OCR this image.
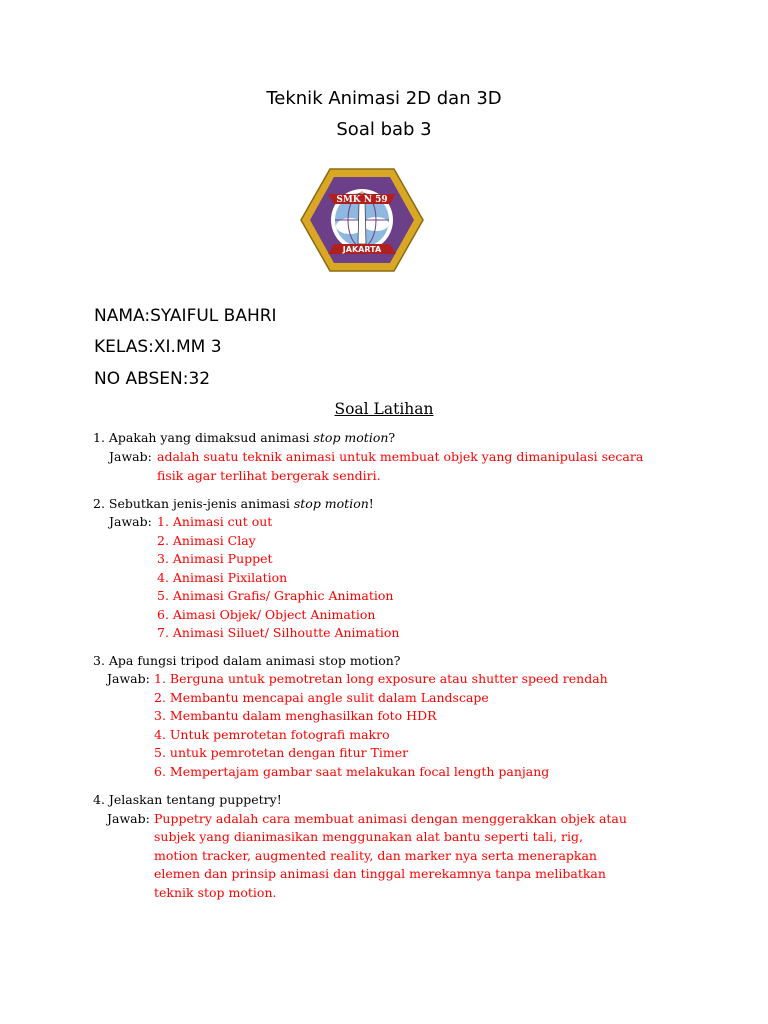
Teknik Animasi 2D dan 3D
Soal bab 3
SMK N 59
JAKARTA
NAMA:SYAIFUL BAHRI
KELAS:XI.MM 3
NO ABSEN:32
Soal Latihan
1. Apakah yang dimaksud animasi stop motion?
Jawab: adalah suatu teknik animasi untuk membuat objek yang dimanipulasi secara
fisik agar terlihat bergerak sendiri.
2. Sebutkan jenis-jenis animasi stop motion!
Jawab: 1. Animasi cut out
2. Animasi Clay
3. Animasi Puppet
4. Animasi Pixilation
5. Animasi Grafis/ Graphic Animation
6. Aimasi Objek/ Object Animation
7. Animasi Siluet/ Silhoutte Animation
3. Apa fungsi tripod dalam animasi stop motion?
Jawab: 1. Berguna untuk pemotretan long exposure atau shutter speed rendah
2. Membantu mencapai angle sulit dalam Landscape
3. Membantu dalam menghasilkan foto HDR
4. Untuk pemrotetan fotografi makro
5. untuk pemrotetan dengan fitur Timer
6. Mempertajam gambar saat melakukan focal length panjang
4. Jelaskan tentang puppetry!
Jawab: Puppetry adalah cara membuat animasi dengan menggerakkan objek atau
subjek yang dianimasikan menggunakan alat bantu seperti tali, rig,
motion tracker, augmented reality, dan marker nya serta menerapkan
elemen dan prinsip animasi dan tinggal merekamnya tanpa melibatkan
teknik stop motion.
